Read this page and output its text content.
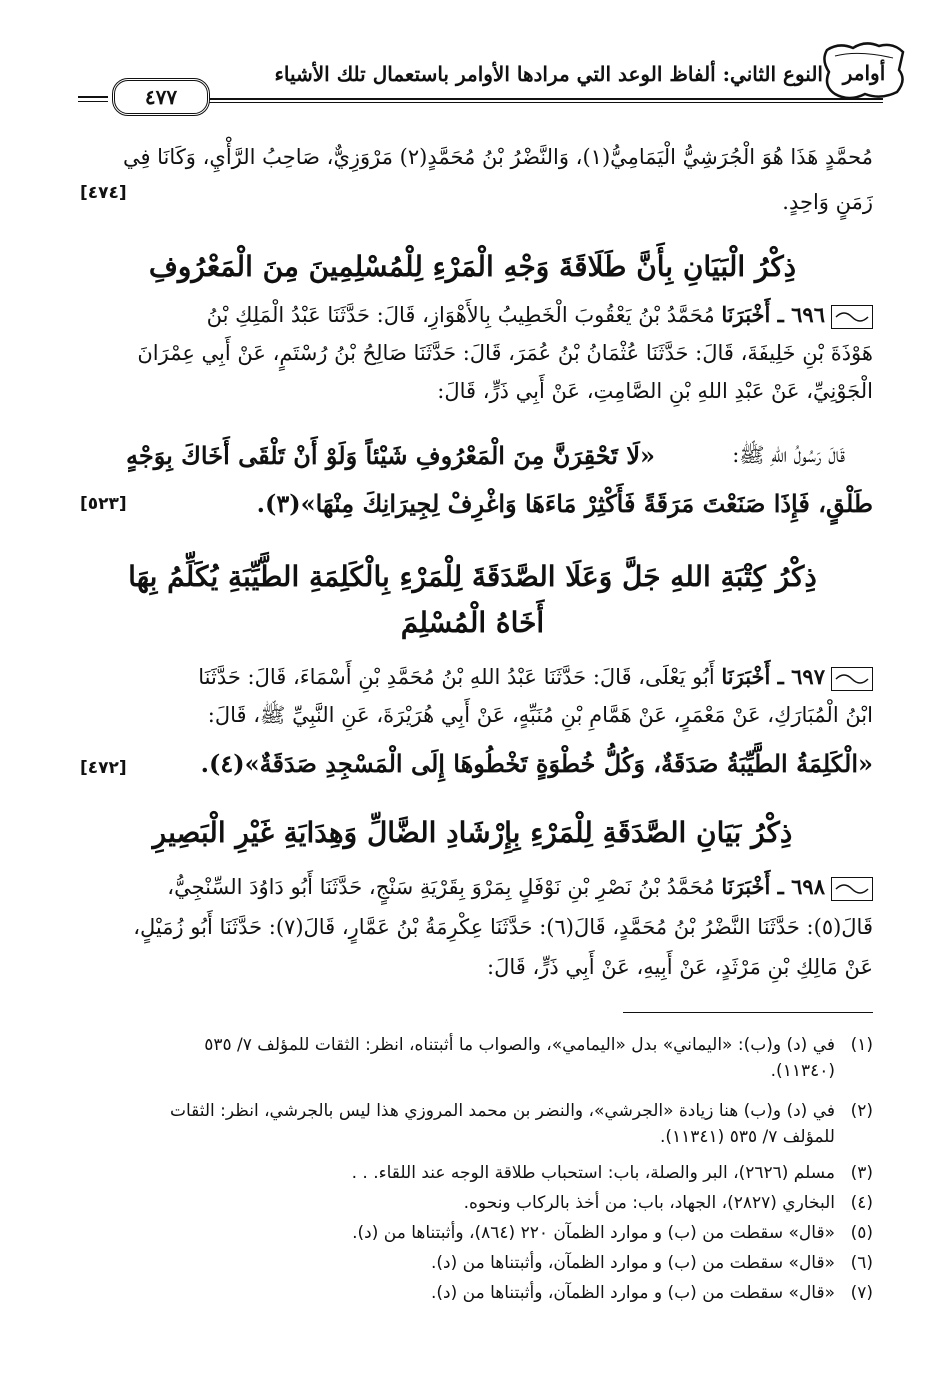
أوامر
النوع الثاني: ألفاظ الوعد التي مرادها الأوامر باستعمال تلك الأشياء
٤٧٧
مُحمَّدٍ هَذَا هُوَ الْجُرَشِيُّ الْيَمَامِيُّ(١)، وَالنَّضْرُ بْنُ مُحَمَّدٍ(٢) مَرْوَزِيٌّ، صَاحِبُ الرَّأْيِ، وَكَانَا فِي
زَمَنٍ وَاحِدٍ.
[٤٧٤]
ذِكْرُ الْبَيَانِ بِأَنَّ طَلَاقَةَ وَجْهِ الْمَرْءِ لِلْمُسْلِمِينَ مِنَ الْمَعْرُوفِ
٦٩٦ ـ أَخْبَرَنَا مُحَمَّدُ بْنُ يَعْقُوبَ الْخَطِيبُ بِالأَهْوَازِ، قَالَ: حَدَّثَنَا عَبْدُ الْمَلِكِ بْنُ
هَوْذَةَ بْنِ خَلِيفَةَ، قَالَ: حَدَّثَنَا عُثْمَانُ بْنُ عُمَرَ، قَالَ: حَدَّثَنَا صَالِحُ بْنُ رُسْتَمٍ، عَنْ أَبِي عِمْرَانَ
الْجَوْنِيِّ، عَنْ عَبْدِ اللهِ بْنِ الصَّامِتِ، عَنْ أَبِي ذَرٍّ، قَالَ:
قَالَ رَسُولُ اللهِ ﷺ:
«لَا تَحْقِرَنَّ مِنَ الْمَعْرُوفِ شَيْئاً وَلَوْ أَنْ تَلْقَى أَخَاكَ بِوَجْهٍ
طَلْقٍ، فَإِذَا صَنَعْتَ مَرَقَةً فَأَكْثِرْ مَاءَهَا وَاغْرِفْ لِجِيرَانِكَ مِنْهَا»(٣).
[٥٢٣]
ذِكْرُ كِتْبَةِ اللهِ جَلَّ وَعَلَا الصَّدَقَةَ لِلْمَرْءِ بِالْكَلِمَةِ الطَّيِّبَةِ يُكَلِّمُ بِهَا
أَخَاهُ الْمُسْلِمَ
٦٩٧ ـ أَخْبَرَنَا أَبُو يَعْلَى، قَالَ: حَدَّثَنَا عَبْدُ اللهِ بْنُ مُحَمَّدِ بْنِ أَسْمَاءَ، قَالَ: حَدَّثَنَا
ابْنُ الْمُبَارَكِ، عَنْ مَعْمَرٍ، عَنْ هَمَّامِ بْنِ مُنَبِّهٍ، عَنْ أَبِي هُرَيْرَةَ، عَنِ النَّبِيِّ ﷺ، قَالَ:
«الْكَلِمَةُ الطَّيِّبَةُ صَدَقَةٌ، وَكُلُّ خُطْوَةٍ تَخْطُوهَا إِلَى الْمَسْجِدِ صَدَقَةٌ»(٤).
[٤٧٢]
ذِكْرُ بَيَانِ الصَّدَقَةِ لِلْمَرْءِ بِإِرْشَادِ الضَّالِّ وَهِدَايَةِ غَيْرِ الْبَصِيرِ
٦٩٨ ـ أَخْبَرَنَا مُحَمَّدُ بْنُ نَصْرِ بْنِ نَوْفَلٍ بِمَرْوَ بِقَرْيَةِ سَنْجٍ، حَدَّثَنَا أَبُو دَاوُدَ السِّنْجِيُّ،
قَالَ(٥): حَدَّثَنَا النَّضْرُ بْنُ مُحَمَّدٍ، قَالَ(٦): حَدَّثَنَا عِكْرِمَةُ بْنُ عَمَّارٍ، قَالَ(٧): حَدَّثَنَا أَبُو زُمَيْلٍ،
عَنْ مَالِكِ بْنِ مَرْثَدٍ، عَنْ أَبِيهِ، عَنْ أَبِي ذَرٍّ، قَالَ:
(١)في (د) و(ب): «اليماني» بدل «اليمامي»، والصواب ما أثبتناه، انظر: الثقات للمؤلف ٧/ ٥٣٥
(١١٣٤٠).
(٢)في (د) و(ب) هنا زيادة «الجرشي»، والنضر بن محمد المروزي هذا ليس بالجرشي، انظر: الثقات
للمؤلف ٧/ ٥٣٥ (١١٣٤١).
(٣)مسلم (٢٦٢٦)، البر والصلة، باب: استحباب طلاقة الوجه عند اللقاء. . .
(٤)البخاري (٢٨٢٧)، الجهاد، باب: من أخذ بالركاب ونحوه.
(٥)«قال» سقطت من (ب) و موارد الظمآن ٢٢٠ (٨٦٤)، وأثبتناها من (د).
(٦)«قال» سقطت من (ب) و موارد الظمآن، وأثبتناها من (د).
(٧)«قال» سقطت من (ب) و موارد الظمآن، وأثبتناها من (د).
